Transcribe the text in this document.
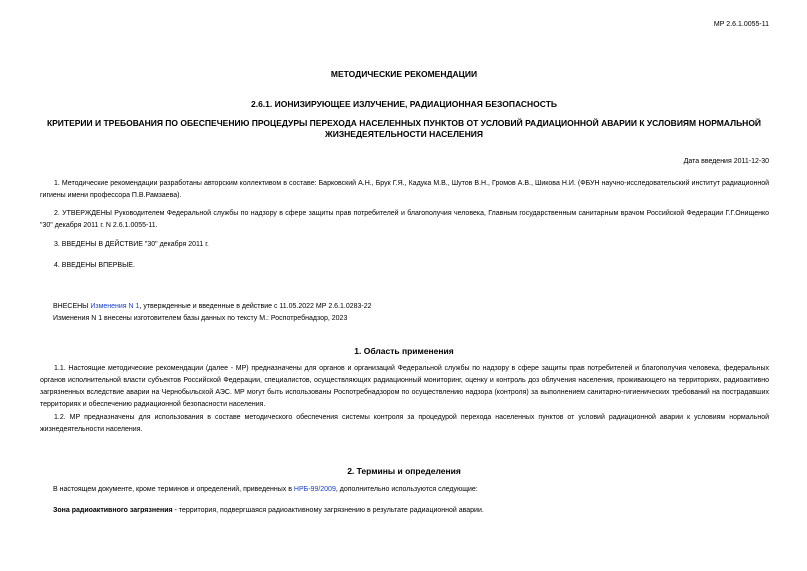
МР 2.6.1.0055-11
МЕТОДИЧЕСКИЕ РЕКОМЕНДАЦИИ
2.6.1. ИОНИЗИРУЮЩЕЕ ИЗЛУЧЕНИЕ, РАДИАЦИОННАЯ БЕЗОПАСНОСТЬ
КРИТЕРИИ И ТРЕБОВАНИЯ ПО ОБЕСПЕЧЕНИЮ ПРОЦЕДУРЫ ПЕРЕХОДА НАСЕЛЕННЫХ ПУНКТОВ ОТ УСЛОВИЙ РАДИАЦИОННОЙ АВАРИИ К УСЛОВИЯМ НОРМАЛЬНОЙ ЖИЗНЕДЕЯТЕЛЬНОСТИ НАСЕЛЕНИЯ
Дата введения 2011-12-30
1. Методические рекомендации разработаны авторским коллективом в составе: Барковский А.Н., Брук Г.Я., Кадука М.В., Шутов В.Н., Громов А.В., Шикова Н.И. (ФБУН научно-исследовательский институт радиационной гигиены имени профессора П.В.Рамзаева).
2. УТВЕРЖДЕНЫ Руководителем Федеральной службы по надзору в сфере защиты прав потребителей и благополучия человека, Главным государственным санитарным врачом Российской Федерации Г.Г.Онищенко "30" декабря 2011 г. N 2.6.1.0055-11.
3. ВВЕДЕНЫ В ДЕЙСТВИЕ "30" декабря 2011 г.
4. ВВЕДЕНЫ ВПЕРВЫЕ.
ВНЕСЕНЫ Изменения N 1, утвержденные и введенные в действие с 11.05.2022 МР 2.6.1.0283-22
Изменения N 1 внесены изготовителем базы данных по тексту М.: Роспотребнадзор, 2023
1. Область применения
1.1. Настоящие методические рекомендации (далее - МР) предназначены для органов и организаций Федеральной службы по надзору в сфере защиты прав потребителей и благополучия человека, федеральных органов исполнительной власти субъектов Российской Федерации, специалистов, осуществляющих радиационный мониторинг, оценку и контроль доз облучения населения, проживающего на территориях, радиоактивно загрязненных вследствие аварии на Чернобыльской АЭС. МР могут быть использованы Роспотребнадзором по осуществлению надзора (контроля) за выполнением санитарно-гигиенических требований на пострадавших территориях и обеспечению радиационной безопасности населения.
1.2. МР предназначены для использования в составе методического обеспечения системы контроля за процедурой перехода населенных пунктов от условий радиационной аварии к условиям нормальной жизнедеятельности населения.
2. Термины и определения
В настоящем документе, кроме терминов и определений, приведенных в НРБ-99/2009, дополнительно используются следующие:
Зона радиоактивного загрязнения - территория, подвергшаяся радиоактивному загрязнению в результате радиационной аварии.
